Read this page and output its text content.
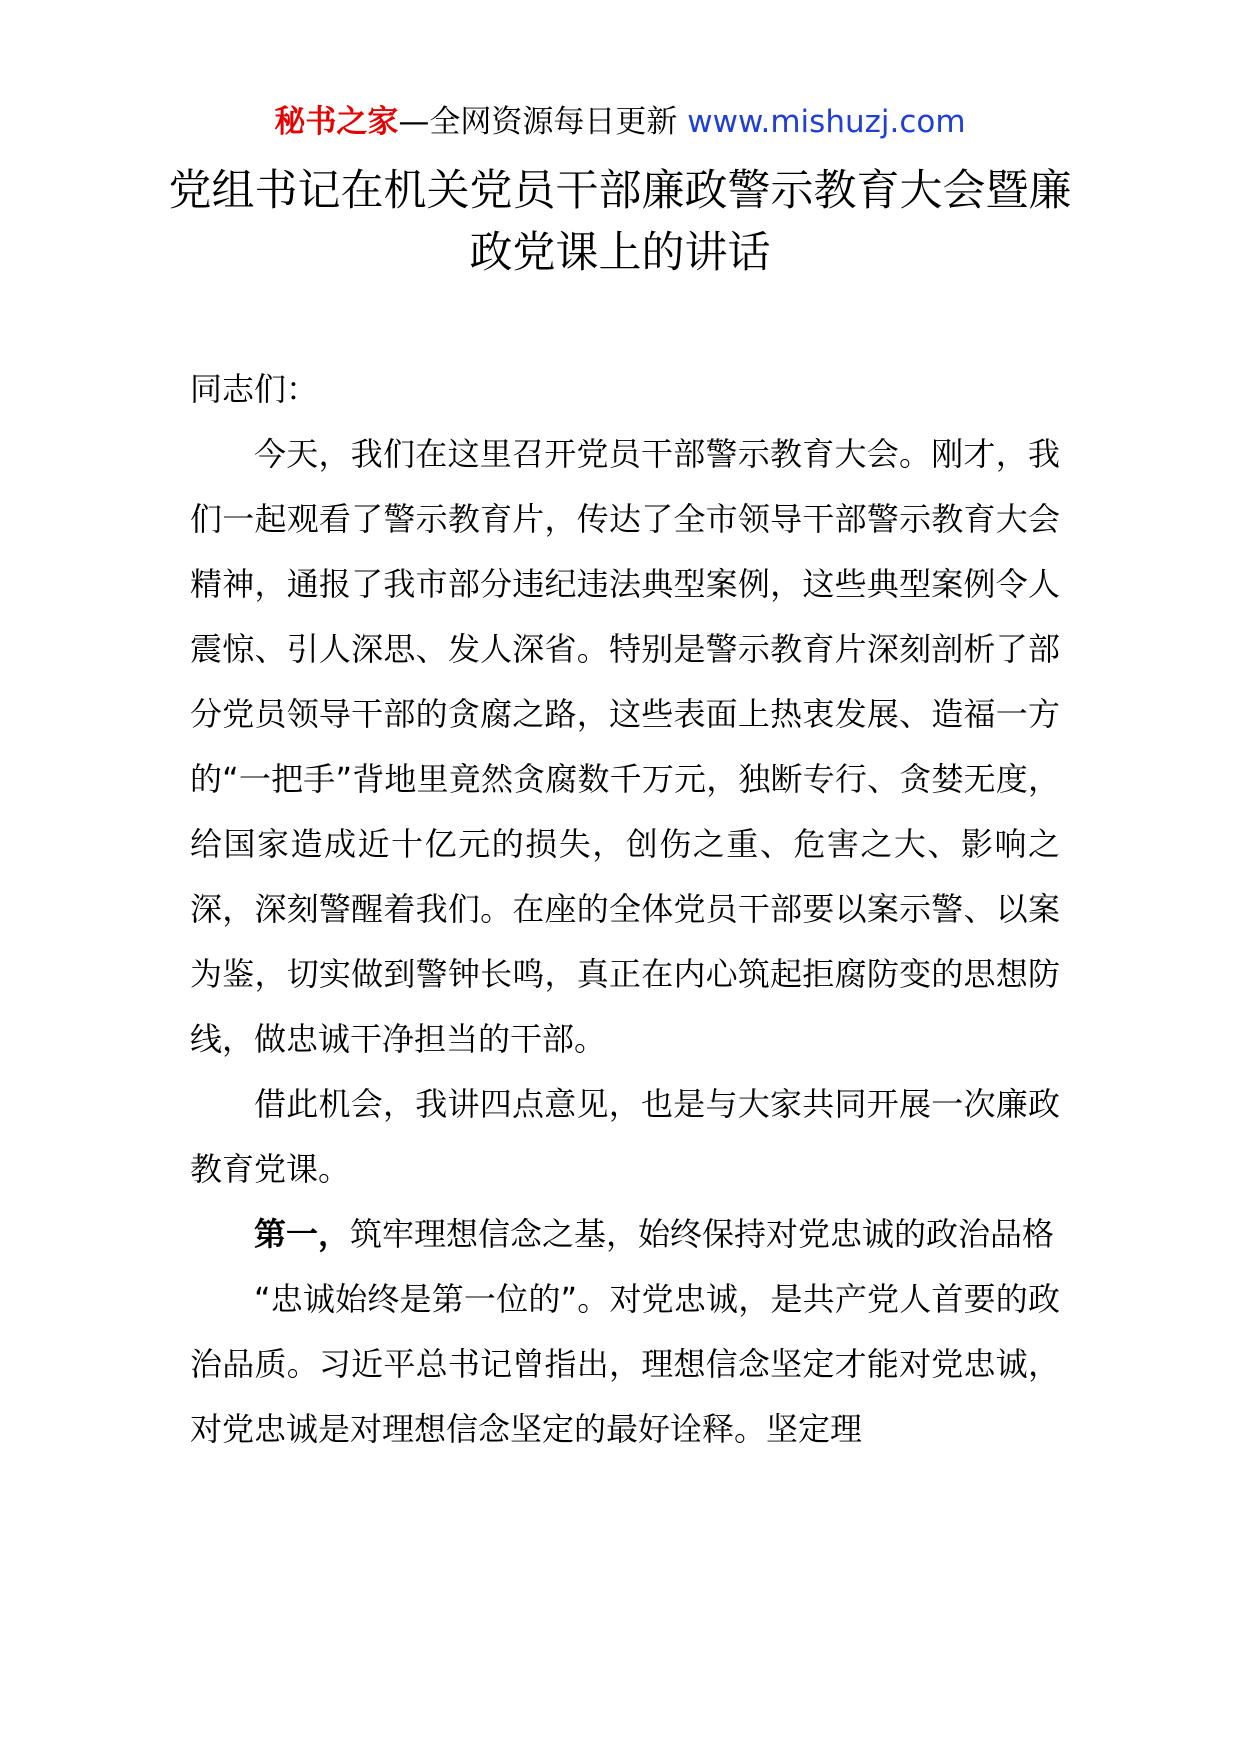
秘书之家—全网资源每日更新 www.mishuzj.com
党组书记在机关党员干部廉政警示教育大会暨廉政党课上的讲话

同志们：

今天，我们在这里召开党员干部警示教育大会。刚才，我们一起观看了警示教育片，传达了全市领导干部警示教育大会精神，通报了我市部分违纪违法典型案例，这些典型案例令人震惊、引人深思、发人深省。特别是警示教育片深刻剖析了部分党员领导干部的贪腐之路，这些表面上热衷发展、造福一方的“一把手”背地里竟然贪腐数千万元，独断专行、贪婪无度，给国家造成近十亿元的损失，创伤之重、危害之大、影响之深，深刻警醒着我们。在座的全体党员干部要以案示警、以案为鉴，切实做到警钟长鸣，真正在内心筑起拒腐防变的思想防线，做忠诚干净担当的干部。

借此机会，我讲四点意见，也是与大家共同开展一次廉政教育党课。

第一，筑牢理想信念之基，始终保持对党忠诚的政治品格

“忠诚始终是第一位的”。对党忠诚，是共产党人首要的政治品质。习近平总书记曾指出，理想信念坚定才能对党忠诚，对党忠诚是对理想信念坚定的最好诠释。坚定理
